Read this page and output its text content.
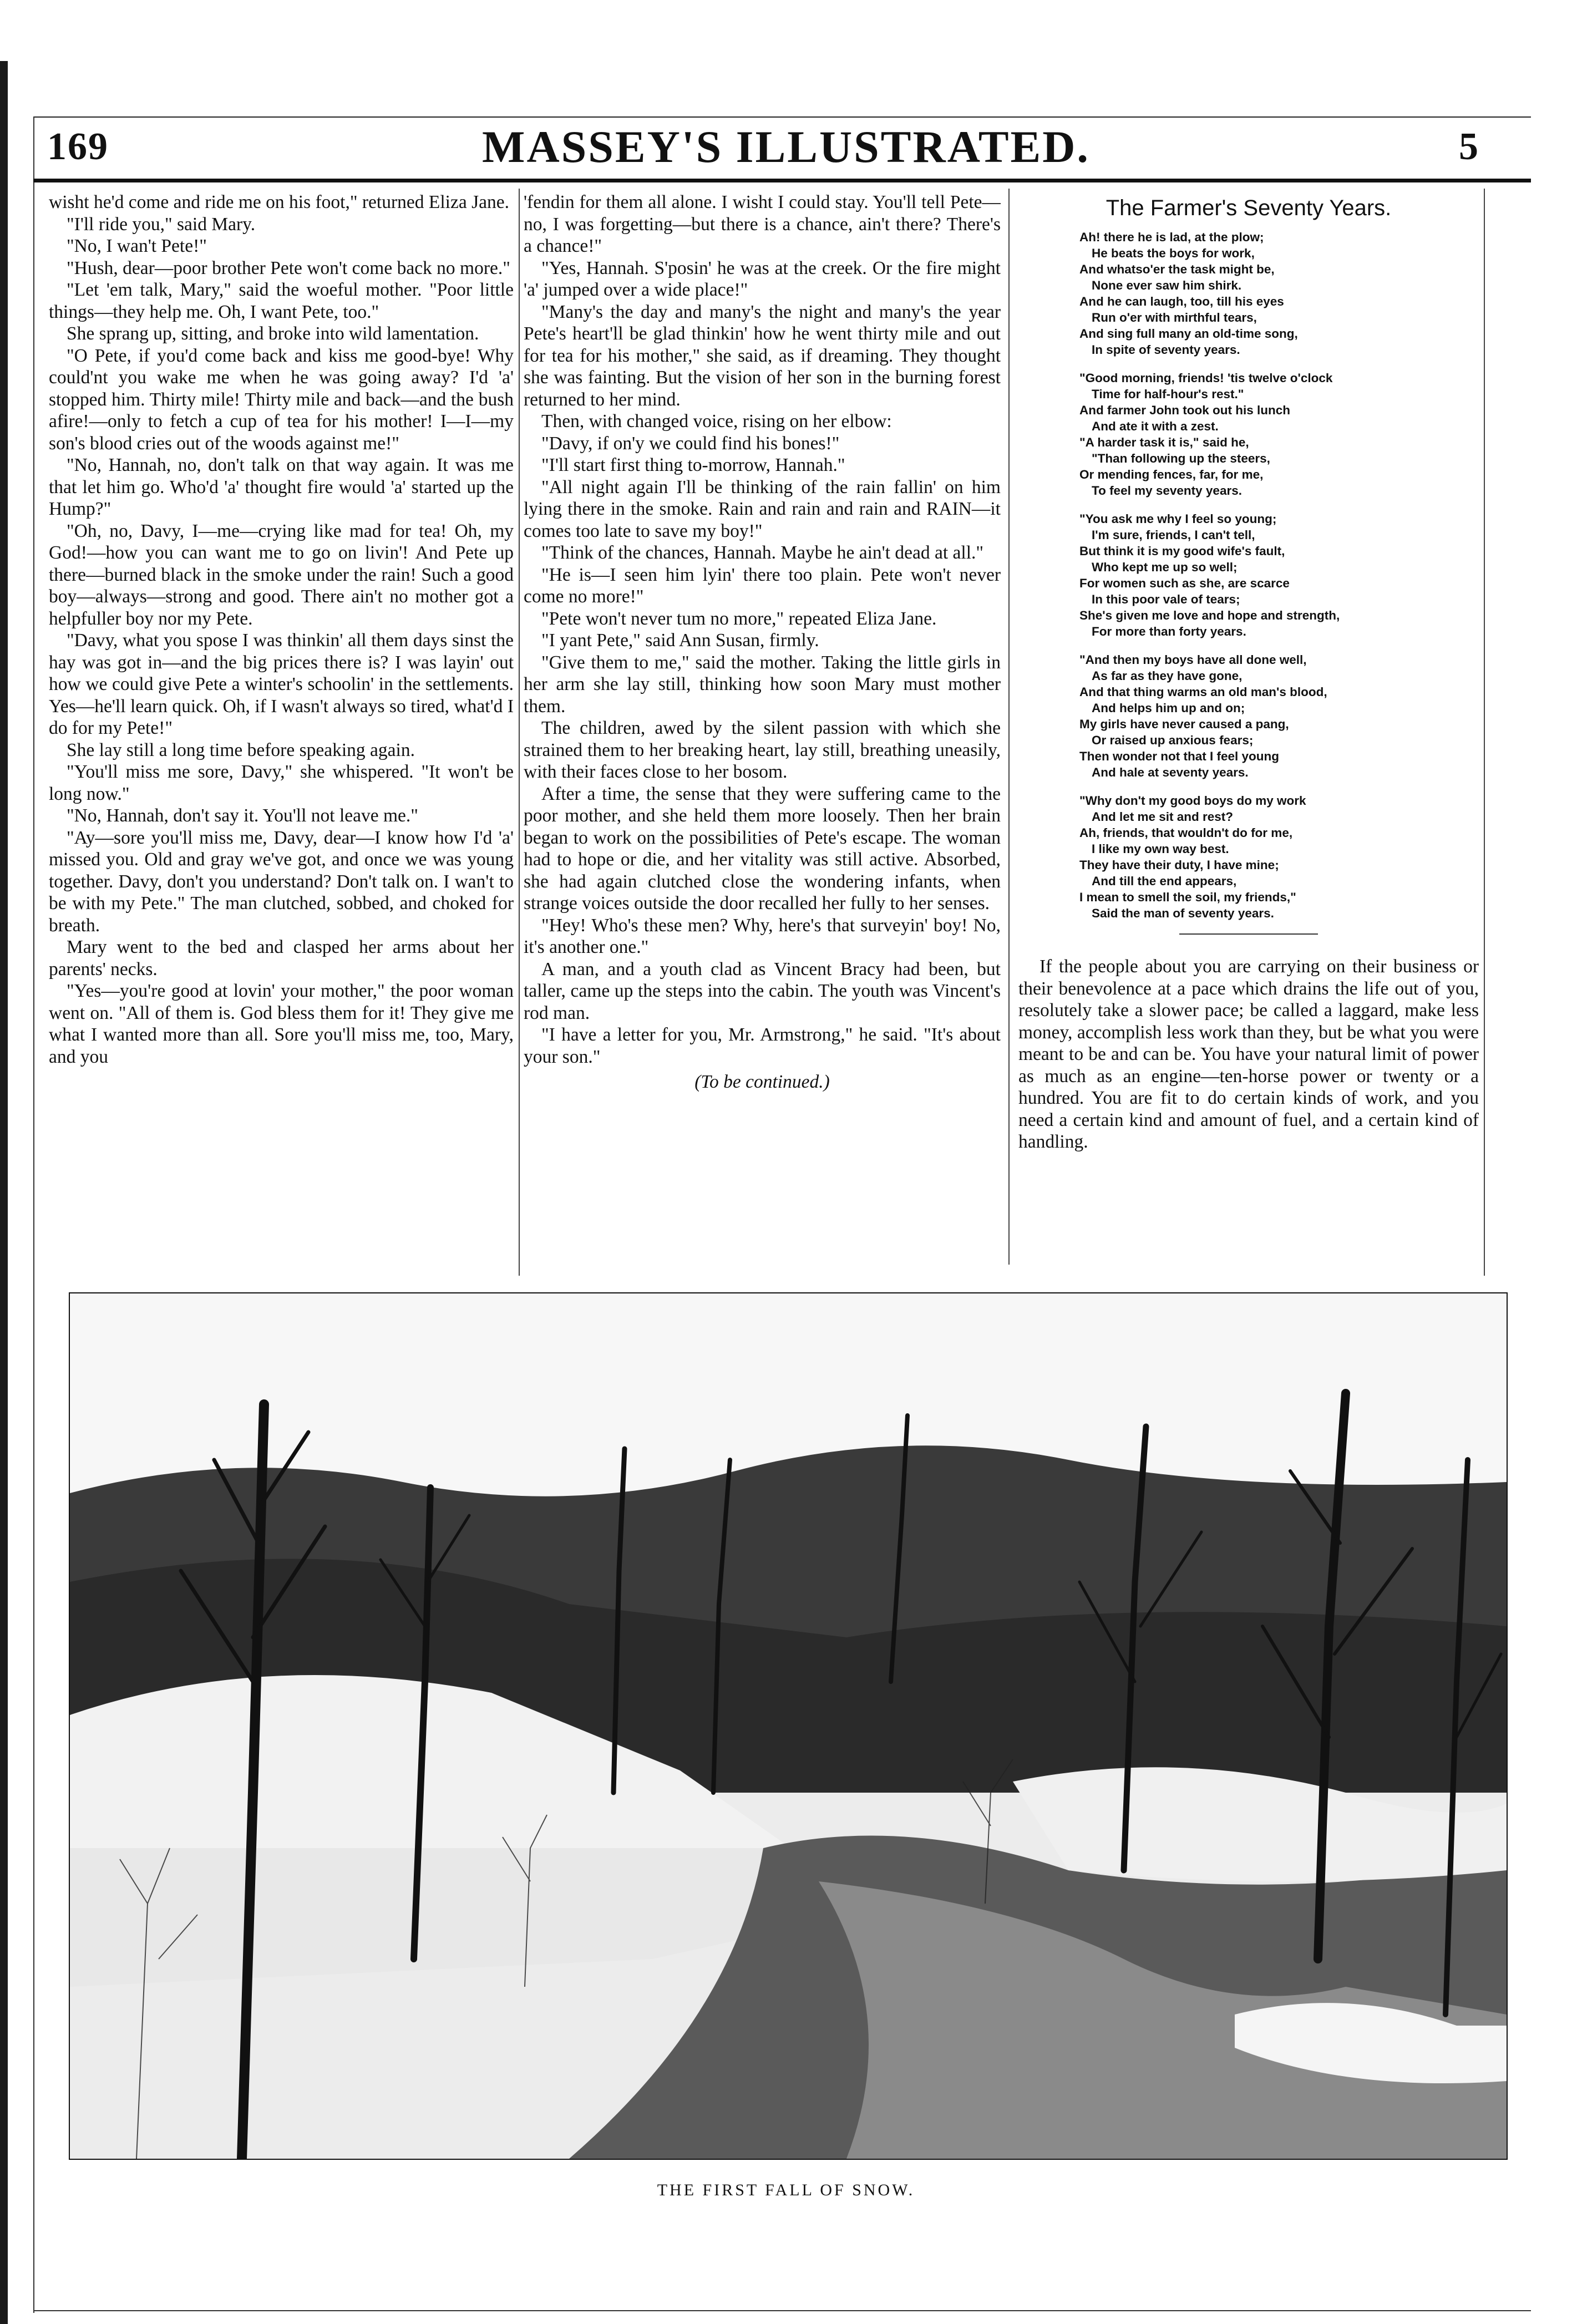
169	MASSEY'S ILLUSTRATED.	5

wisht he'd come and ride me on his foot," returned Eliza Jane.

"I'll ride you," said Mary.

"No, I wan't Pete!"

"Hush, dear—poor brother Pete won't come back no more."

"Let 'em talk, Mary," said the woeful mother. "Poor little things—they help me. Oh, I want Pete, too."

She sprang up, sitting, and broke into wild lamentation.

"O Pete, if you'd come back and kiss me good-bye! Why could'nt you wake me when he was going away? I'd 'a' stopped him. Thirty mile! Thirty mile and back—and the bush afire!—only to fetch a cup of tea for his mother! I—I—my son's blood cries out of the woods against me!"

"No, Hannah, no, don't talk on that way again. It was me that let him go. Who'd 'a' thought fire would 'a' started up the Hump?"

"Oh, no, Davy, I—me—crying like mad for tea! Oh, my God!—how you can want me to go on livin'! And Pete up there—burned black in the smoke under the rain! Such a good boy—always—strong and good. There ain't no mother got a helpfuller boy nor my Pete.

"Davy, what you spose I was thinkin' all them days sinst the hay was got in—and the big prices there is? I was layin' out how we could give Pete a winter's schoolin' in the settlements. Yes—he'll learn quick. Oh, if I wasn't always so tired, what'd I do for my Pete!"

She lay still a long time before speaking again.

"You'll miss me sore, Davy," she whispered. "It won't be long now."

"No, Hannah, don't say it. You'll not leave me."

"Ay—sore you'll miss me, Davy, dear—I know how I'd 'a' missed you. Old and gray we've got, and once we was young together. Davy, don't you understand? Don't talk on. I wan't to be with my Pete." The man clutched, sobbed, and choked for breath.

Mary went to the bed and clasped her arms about her parents' necks.

"Yes—you're good at lovin' your mother," the poor woman went on. "All of them is. God bless them for it! They give me what I wanted more than all. Sore you'll miss me, too, Mary, and you

'fendin for them all alone. I wisht I could stay. You'll tell Pete—no, I was forgetting—but there is a chance, ain't there? There's a chance!"

"Yes, Hannah. S'posin' he was at the creek. Or the fire might 'a' jumped over a wide place!"

"Many's the day and many's the night and many's the year Pete's heart'll be glad thinkin' how he went thirty mile and out for tea for his mother," she said, as if dreaming. They thought she was fainting. But the vision of her son in the burning forest returned to her mind.

Then, with changed voice, rising on her elbow:

"Davy, if on'y we could find his bones!"

"I'll start first thing to-morrow, Hannah."

"All night again I'll be thinking of the rain fallin' on him lying there in the smoke. Rain and rain and rain and RAIN—it comes too late to save my boy!"

"Think of the chances, Hannah. Maybe he ain't dead at all."

"He is—I seen him lyin' there too plain. Pete won't never come no more!"

"Pete won't never tum no more," repeated Eliza Jane.

"I yant Pete," said Ann Susan, firmly.

"Give them to me," said the mother. Taking the little girls in her arm she lay still, thinking how soon Mary must mother them.

The children, awed by the silent passion with which she strained them to her breaking heart, lay still, breathing uneasily, with their faces close to her bosom.

After a time, the sense that they were suffering came to the poor mother, and she held them more loosely. Then her brain began to work on the possibilities of Pete's escape. The woman had to hope or die, and her vitality was still active. Absorbed, she had again clutched close the wondering infants, when strange voices outside the door recalled her fully to her senses.

"Hey! Who's these men? Why, here's that surveyin' boy! No, it's another one."

A man, and a youth clad as Vincent Bracy had been, but taller, came up the steps into the cabin. The youth was Vincent's rod man.

"I have a letter for you, Mr. Armstrong," he said. "It's about your son."

(To be continued.)

The Farmer's Seventy Years.
Ah! there he is lad, at the plow;
He beats the boys for work,
And whatso'er the task might be,
None ever saw him shirk.
And he can laugh, too, till his eyes
Run o'er with mirthful tears,
And sing full many an old-time song,
In spite of seventy years.
"Good morning, friends! 'tis twelve o'clock
Time for half-hour's rest."
And farmer John took out his lunch
And ate it with a zest.
"A harder task it is," said he,
"Than following up the steers,
Or mending fences, far, for me,
To feel my seventy years.
"You ask me why I feel so young;
I'm sure, friends, I can't tell,
But think it is my good wife's fault,
Who kept me up so well;
For women such as she, are scarce
In this poor vale of tears;
She's given me love and hope and strength,
For more than forty years.
"And then my boys have all done well,
As far as they have gone,
And that thing warms an old man's blood,
And helps him up and on;
My girls have never caused a pang,
Or raised up anxious fears;
Then wonder not that I feel young
And hale at seventy years.
"Why don't my good boys do my work
And let me sit and rest?
Ah, friends, that wouldn't do for me,
I like my own way best.
They have their duty, I have mine;
And till the end appears,
I mean to smell the soil, my friends,"
Said the man of seventy years.

If the people about you are carrying on their business or their benevolence at a pace which drains the life out of you, resolutely take a slower pace; be called a laggard, make less money, accomplish less work than they, but be what you were meant to be and can be. You have your natural limit of power as much as an engine—ten-horse power or twenty or a hundred. You are fit to do certain kinds of work, and you need a certain kind and amount of fuel, and a certain kind of handling.

THE FIRST FALL OF SNOW.
